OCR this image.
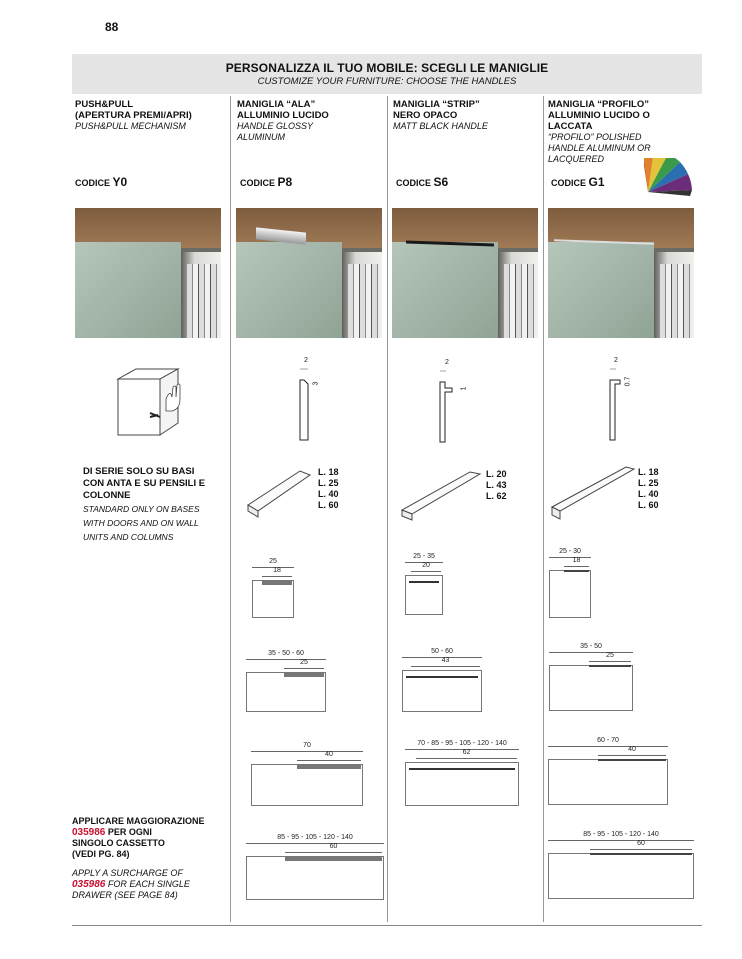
88
PERSONALIZZA IL TUO MOBILE: SCEGLI LE MANIGLIE
CUSTOMIZE YOUR FURNITURE: CHOOSE THE HANDLES
PUSH&PULL
(APERTURA PREMI/APRI)
PUSH&PULL MECHANISM
MANIGLIA “ALA”
ALLUMINIO LUCIDO
HANDLE GLOSSY
ALUMINUM
MANIGLIA “STRIP”
NERO OPACO
MATT BLACK HANDLE
MANIGLIA “PROFILO”
ALLUMINIO LUCIDO O
LACCATA
“PROFILO” POLISHED
HANDLE ALUMINUM OR
LACQUERED
CODICE Y0	CODICE P8	CODICE S6	CODICE G1
2
3
2
1
2
0.7
DI SERIE SOLO SU BASI
CON ANTA E SU PENSILI E
COLONNE
STANDARD ONLY ON BASES
WITH DOORS AND ON WALL
UNITS AND COLUMNS
L. 18
L. 25
L. 40
L. 60
L. 20
L. 43
L. 62
L. 18
L. 25
L. 40
L. 60
25
18
35 - 50 - 60
25
70
40
85 - 95 - 105 - 120 - 140
60
25 - 35
20
50 - 60
43
70 - 85 - 95 - 105 - 120 - 140
62
25 - 30
18
35 - 50
25
60 - 70
40
85 - 95 - 105 - 120 - 140
60
APPLICARE MAGGIORAZIONE
035986 PER OGNI
SINGOLO CASSETTO
(VEDI PG. 84)
APPLY A SURCHARGE OF
035986 FOR EACH SINGLE
DRAWER (SEE PAGE 84)
